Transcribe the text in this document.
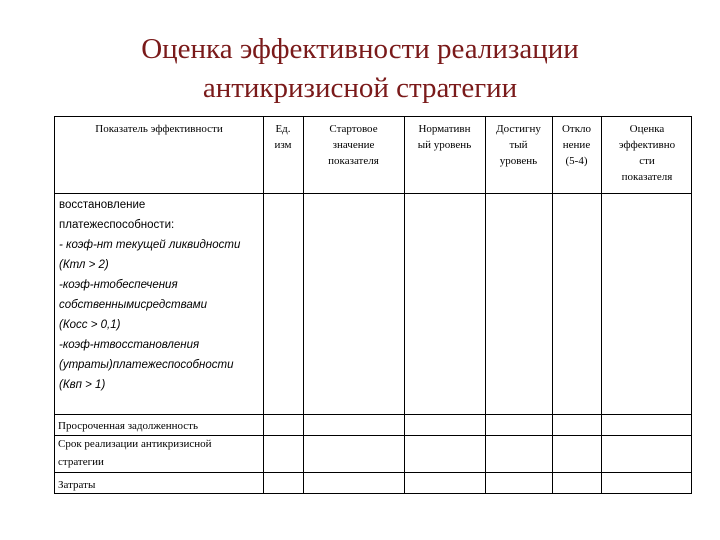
Оценка эффективности реализации
антикризисной стратегии
Показатель эффективности	Ед.
изм
Стартовое
значение
показателя
Нормативн
ый уровень
Достигну
тый
уровень
Откло
нение
(5-4)
Оценка
эффективно
сти
показателя
восстановление
платежеспособности:
- коэф-нт текущей ликвидности
(Ктл > 2)
-коэф-нтобеспечения
собственнымисредствами
(Косс > 0,1)
-коэф-нтвосстановления
(утраты)платежеспособности
(Квп > 1)
Просроченная задолженность
Срок реализации антикризисной
стратегии
Затраты
